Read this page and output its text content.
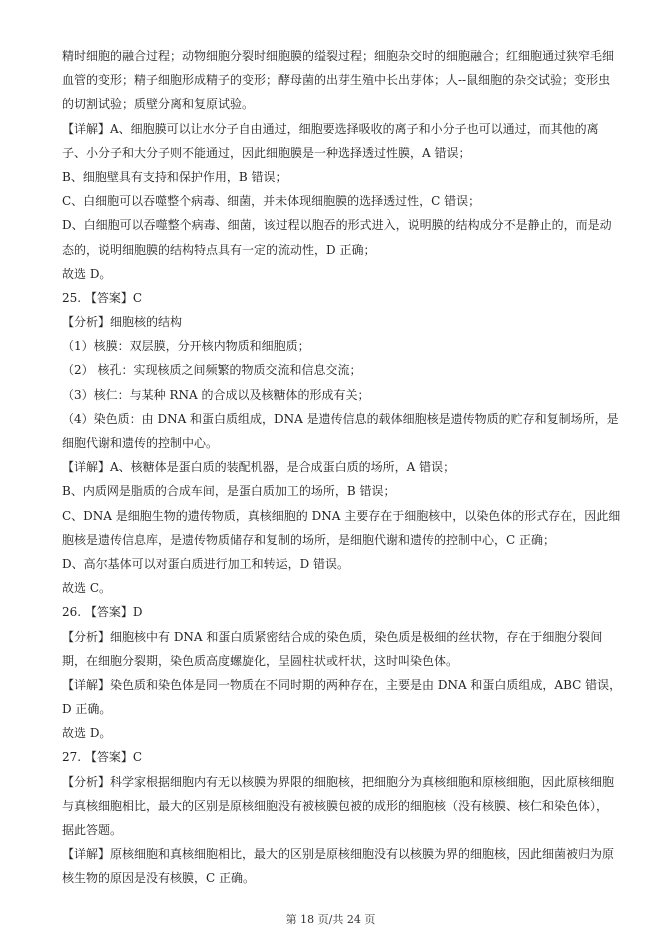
精时细胞的融合过程；动物细胞分裂时细胞膜的缢裂过程；细胞杂交时的细胞融合；红细胞通过狭窄毛细
血管的变形；精子细胞形成精子的变形；酵母菌的出芽生殖中长出芽体；人--鼠细胞的杂交试验；变形虫
的切割试验；质壁分离和复原试验。
【详解】A、细胞膜可以让水分子自由通过，细胞要选择吸收的离子和小分子也可以通过，而其他的离
子、小分子和大分子则不能通过，因此细胞膜是一种选择透过性膜，A 错误；
B、细胞壁具有支持和保护作用，B 错误；
C、白细胞可以吞噬整个病毒、细菌，并未体现细胞膜的选择透过性，C 错误；
D、白细胞可以吞噬整个病毒、细菌，该过程以胞吞的形式进入，说明膜的结构成分不是静止的，而是动
态的，说明细胞膜的结构特点具有一定的流动性，D 正确；
故选 D。
25. 【答案】C
【分析】细胞核的结构
（1）核膜：双层膜，分开核内物质和细胞质；
（2） 核孔：实现核质之间频繁的物质交流和信息交流；
（3）核仁：与某种 RNA 的合成以及核糖体的形成有关；
（4）染色质：由 DNA 和蛋白质组成，DNA 是遗传信息的载体细胞核是遗传物质的贮存和复制场所，是
细胞代谢和遗传的控制中心。
【详解】A、核糖体是蛋白质的装配机器，是合成蛋白质的场所，A 错误；
B、内质网是脂质的合成车间，是蛋白质加工的场所，B 错误；
C、DNA 是细胞生物的遗传物质，真核细胞的 DNA 主要存在于细胞核中，以染色体的形式存在，因此细
胞核是遗传信息库，是遗传物质储存和复制的场所，是细胞代谢和遗传的控制中心，C 正确；
D、高尔基体可以对蛋白质进行加工和转运，D 错误。
故选 C。
26. 【答案】D
【分析】细胞核中有 DNA 和蛋白质紧密结合成的染色质，染色质是极细的丝状物，存在于细胞分裂间
期，在细胞分裂期，染色质高度螺旋化，呈圆柱状或杆状，这时叫染色体。
【详解】染色质和染色体是同一物质在不同时期的两种存在，主要是由 DNA 和蛋白质组成，ABC 错误，
D 正确。
故选 D。
27. 【答案】C
【分析】科学家根据细胞内有无以核膜为界限的细胞核，把细胞分为真核细胞和原核细胞，因此原核细胞
与真核细胞相比，最大的区别是原核细胞没有被核膜包被的成形的细胞核（没有核膜、核仁和染色体），
据此答题。
【详解】原核细胞和真核细胞相比，最大的区别是原核细胞没有以核膜为界的细胞核，因此细菌被归为原
核生物的原因是没有核膜，C 正确。
第 18 页/共 24 页
